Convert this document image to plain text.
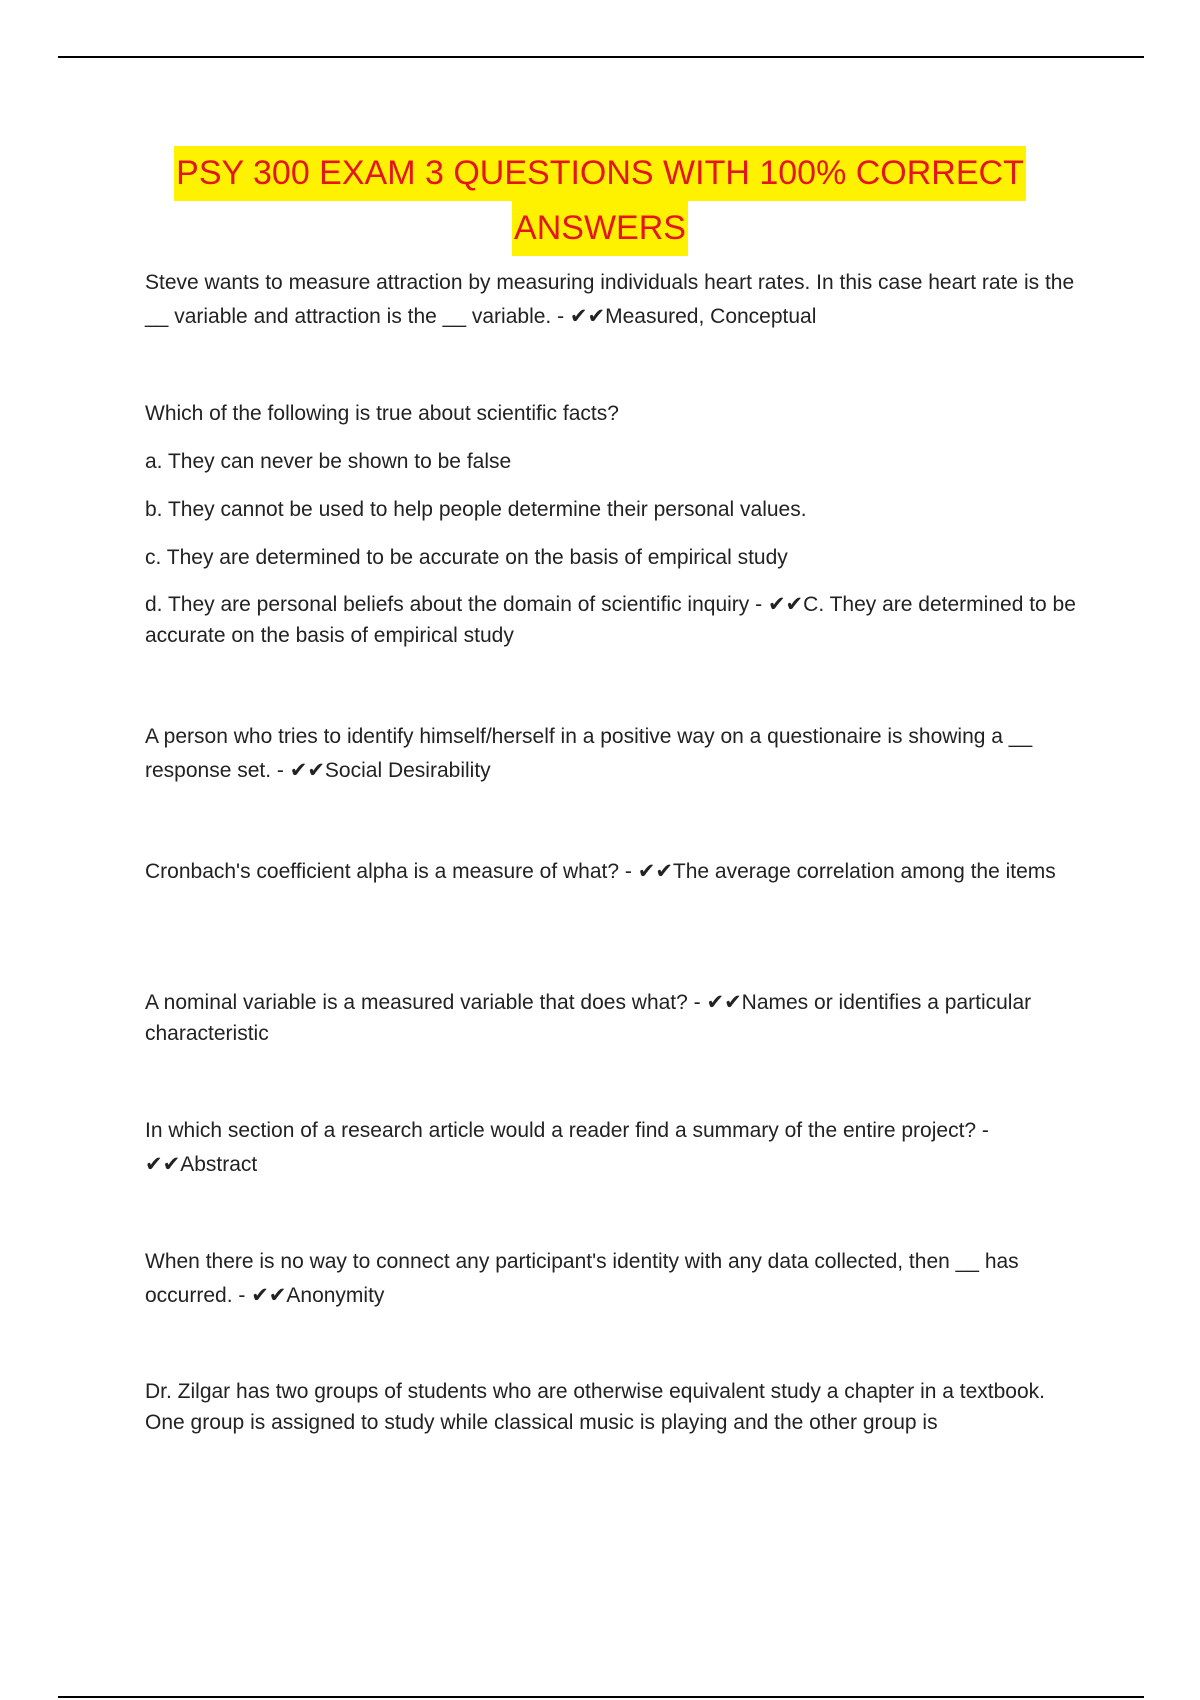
PSY 300 EXAM 3 QUESTIONS WITH 100% CORRECT
ANSWERS

Steve wants to measure attraction by measuring individuals heart rates. In this case heart rate is the __ variable and attraction is the __ variable. - ✔✔Measured, Conceptual

Which of the following is true about scientific facts?

a. They can never be shown to be false

b. They cannot be used to help people determine their personal values.

c. They are determined to be accurate on the basis of empirical study

d. They are personal beliefs about the domain of scientific inquiry - ✔✔C. They are determined to be accurate on the basis of empirical study

A person who tries to identify himself/herself in a positive way on a questionaire is showing a __ response set. - ✔✔Social Desirability

Cronbach's coefficient alpha is a measure of what? - ✔✔The average correlation among the items

A nominal variable is a measured variable that does what? - ✔✔Names or identifies a particular characteristic

In which section of a research article would a reader find a summary of the entire project? - ✔✔Abstract

When there is no way to connect any participant's identity with any data collected, then __ has occurred. - ✔✔Anonymity

Dr. Zilgar has two groups of students who are otherwise equivalent study a chapter in a textbook. One group is assigned to study while classical music is playing and the other group is
